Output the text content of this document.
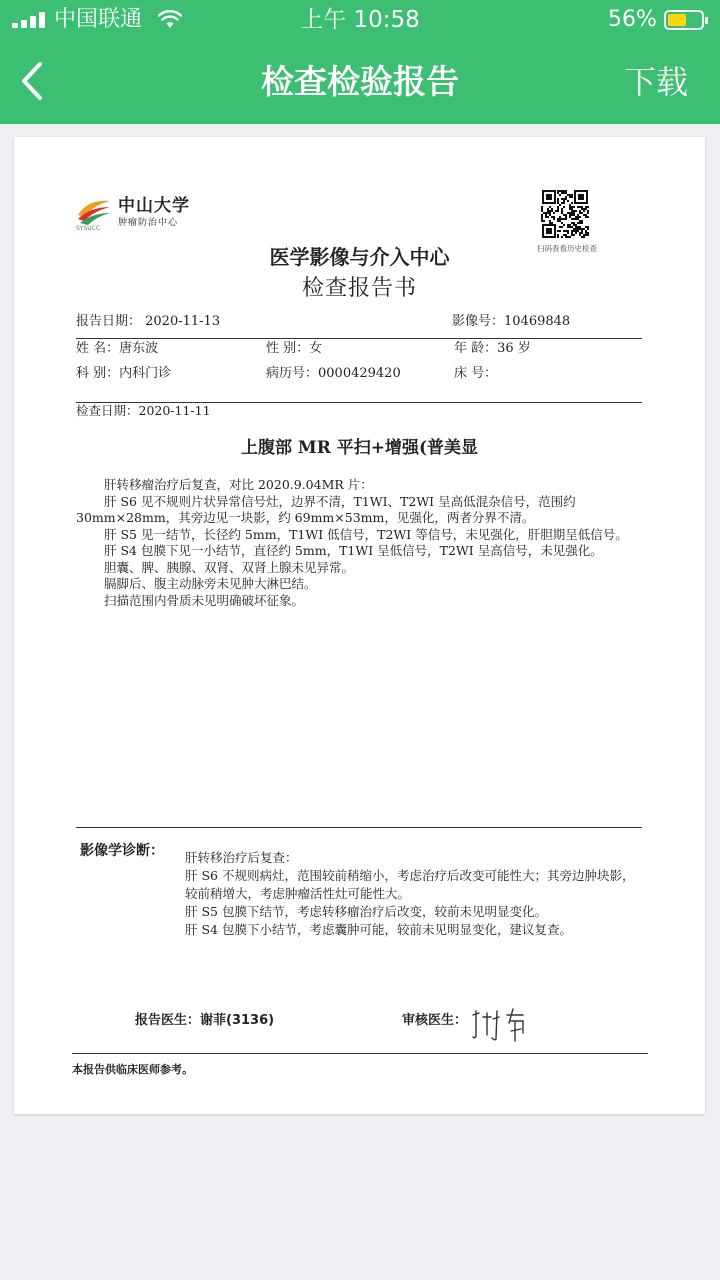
中国联通	上午 10:58	56%
检查检验报告	下载
SYSUCC
中山大学
肿瘤防治中心
扫码查看历史检查
医学影像与介入中心
检查报告书
报告日期： 2020-11-13	影像号：10469848
姓 名：唐东波	性 别：女	年 龄：36 岁
科 别：内科门诊	病历号：0000429420	床 号：
检查日期：2020-11-11
上腹部 MR 平扫+增强(普美显

肝转移瘤治疗后复查，对比 2020.9.04MR 片：

肝 S6 见不规则片状异常信号灶，边界不清，T1WI、T2WI 呈高低混杂信号，范围约 30mm×28mm，其旁边见一块影，约 69mm×53mm，见强化，两者分界不清。

肝 S5 见一结节，长径约 5mm，T1WI 低信号，T2WI 等信号，未见强化，肝胆期呈低信号。

肝 S4 包膜下见一小结节，直径约 5mm，T1WI 呈低信号，T2WI 呈高信号，未见强化。

胆囊、脾、胰腺、双肾、双肾上腺未见异常。

膈脚后、腹主动脉旁未见肿大淋巴结。

扫描范围内骨质未见明确破坏征象。

影像学诊断： 肝转移治疗后复查：

肝 S6 不规则病灶，范围较前稍缩小，考虑治疗后改变可能性大；其旁边肿块影，较前稍增大，考虑肿瘤活性灶可能性大。

肝 S5 包膜下结节，考虑转移瘤治疗后改变，较前未见明显变化。

肝 S4 包膜下小结节，考虑囊肿可能，较前未见明显变化，建议复查。

报告医生：谢菲(3136)	审核医生：
本报告供临床医师参考。
